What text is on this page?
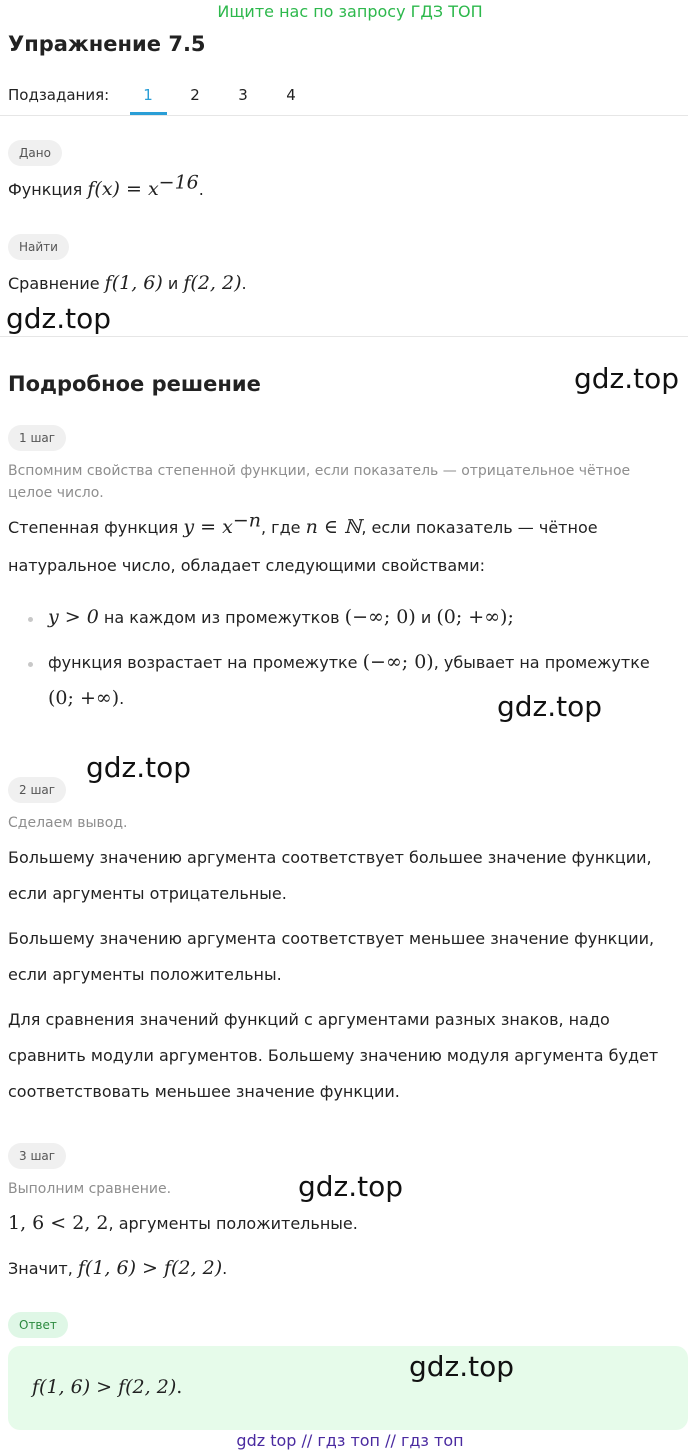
Ищите нас по запросу ГДЗ ТОП
Упражнение 7.5
Подзадания:	1	2	3	4
Дано
Функция $f(x) = x^{-16}$.
Найти
Сравнение f(1, 6) и f(2, 2).
gdz.top
Подробное решение	gdz.top
1 шаг
Вспомним свойства степенной функции, если показатель — отрицательное чётное
целое число.
Степенная функция $y = x^{-n}$, где n ∈ ℕ, если показатель — чётное
натуральное число, обладает следующими свойствами:
y > 0 на каждом из промежутков (−∞; 0) и (0; +∞);
функция возрастает на промежутке (−∞; 0), убывает на промежутке
(0; +∞).	gdz.top
gdz.top
2 шаг
Сделаем вывод.
Большему значению аргумента соответствует большее значение функции,
если аргументы отрицательные.
Большему значению аргумента соответствует меньшее значение функции,
если аргументы положительны.
Для сравнения значений функций с аргументами разных знаков, надо
сравнить модули аргументов. Большему значению модуля аргумента будет
соответствовать меньшее значение функции.
3 шаг
Выполним сравнение.	gdz.top
1, 6 < 2, 2, аргументы положительные.
Значит, f(1, 6) > f(2, 2).
Ответ
f(1, 6) > f(2, 2).
gdz.top
gdz top // гдз топ // гдз топ
